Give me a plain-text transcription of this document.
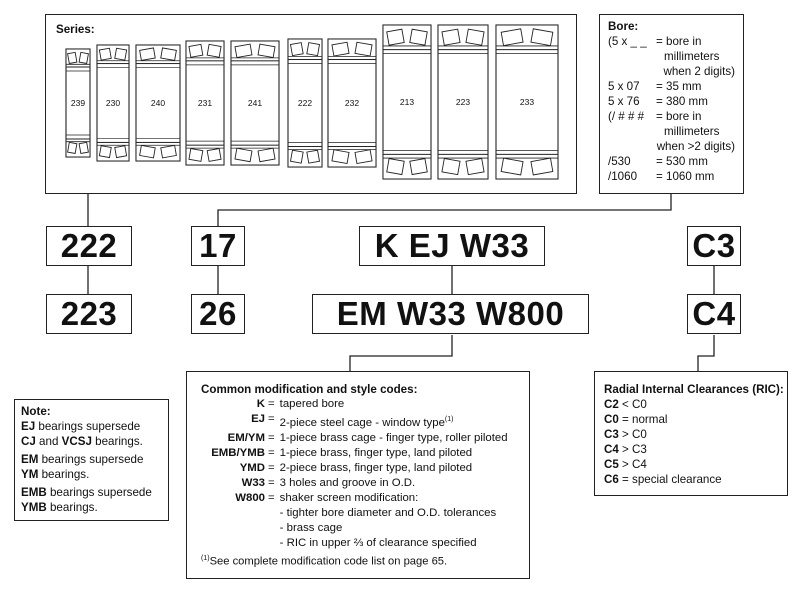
Series:
239 230	240	231	241	222	232	213	223	233
Bore:
(5 x _ _ = bore in
millimeters
when 2 digits)
5 x 07	= 35 mm
5 x 76	= 380 mm
(/ # # #	= bore in
millimeters
when >2 digits)
/530	= 530 mm
/1060	= 1060 mm
222
223
17
26
K EJ W33
EM W33 W800
C3
C4
Note:
EJ bearings supersede
CJ and VCSJ bearings.
EM bearings supersede
YM bearings.
EMB bearings supersede
YMB bearings.
Common modification and style codes:
K	=	tapered bore
EJ	=	2-piece steel cage - window type$^{(1)}$
EM/YM	=	1-piece brass cage - finger type, roller piloted
EMB/YMB	=	1-piece brass, finger type, land piloted
YMD	=	2-piece brass, finger type, land piloted
W33	=	3 holes and groove in O.D.
W800	=	shaker screen modification:
		- tighter bore diameter and O.D. tolerances
		- brass cage
		- RIC in upper ⅔ of clearance specified
$^{(1)}$See complete modification code list on page 65.
Radial Internal Clearances (RIC):
C2 < C0
C0 = normal
C3 > C0
C4 > C3
C5 > C4
C6 = special clearance
